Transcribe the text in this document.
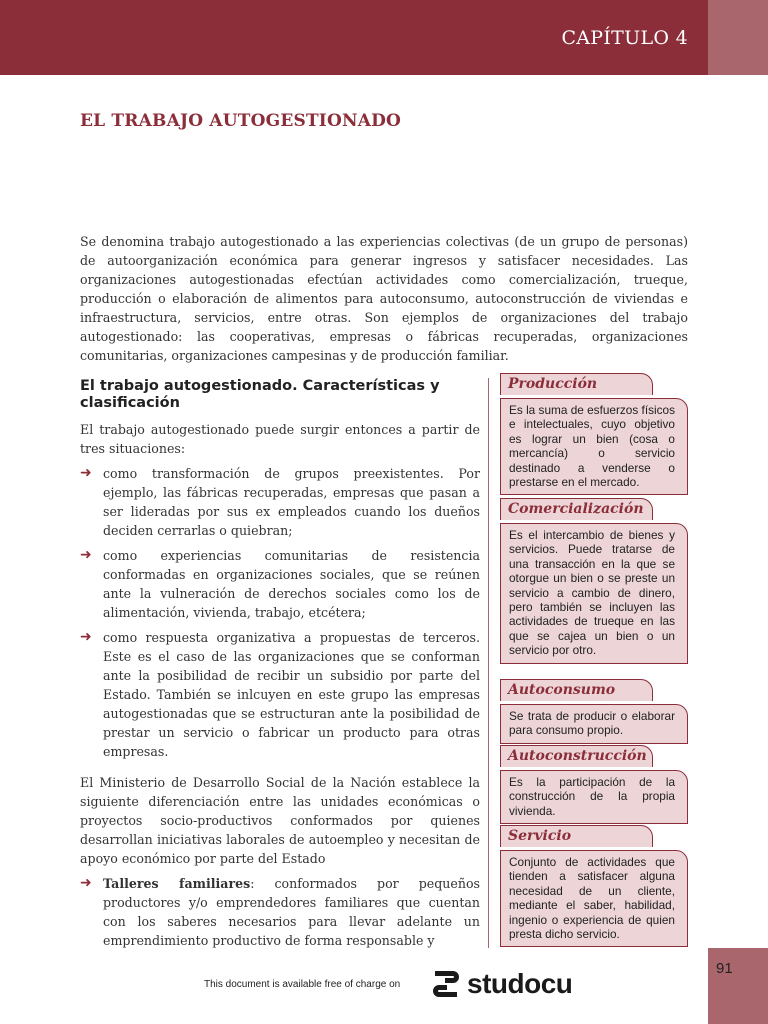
CAPÍTULO 4
EL TRABAJO AUTOGESTIONADO

Se denomina trabajo autogestionado a las experiencias colectivas (de un grupo de personas) de autoorganización económica para generar ingresos y satisfacer necesidades. Las organizaciones autogestionadas efectúan actividades como comercialización, trueque, producción o elaboración de alimentos para autoconsumo, autoconstrucción de viviendas e infraestructura, servicios, entre otras. Son ejemplos de organizaciones del trabajo autogestionado: las cooperativas, empresas o fábricas recuperadas, organizaciones comunitarias, organizaciones campesinas y de producción familiar.

El trabajo autogestionado. Características y clasificación

El trabajo autogestionado puede surgir entonces a partir de tres situaciones:

➜ como transformación de grupos preexistentes. Por ejemplo, las fábricas recuperadas, empresas que pasan a ser lideradas por sus ex empleados cuando los dueños deciden cerrarlas o quiebran;
➜ como experiencias comunitarias de resistencia conformadas en organizaciones sociales, que se reúnen ante la vulneración de derechos sociales como los de alimentación, vivienda, trabajo, etcétera;
➜ como respuesta organizativa a propuestas de terceros. Este es el caso de las organizaciones que se conforman ante la posibilidad de recibir un subsidio por parte del Estado. También se inlcuyen en este grupo las empresas autogestionadas que se estructuran ante la posibilidad de prestar un servicio o fabricar un producto para otras empresas.

El Ministerio de Desarrollo Social de la Nación establece la siguiente diferenciación entre las unidades económicas o proyectos socio-productivos conformados por quienes desarrollan iniciativas laborales de autoempleo y necesitan de apoyo económico por parte del Estado

➜ Talleres familiares: conformados por pequeños productores y/o emprendedores familiares que cuentan con los saberes necesarios para llevar adelante un emprendimiento productivo de forma responsable y
Producción
Es la suma de esfuerzos físicos e intelectuales, cuyo objetivo es lograr un bien (cosa o mercancía) o servicio destinado a venderse o prestarse en el mercado.
Comercialización
Es el intercambio de bienes y servicios. Puede tratarse de una transacción en la que se otorgue un bien o se preste un servicio a cambio de dinero, pero también se incluyen las actividades de trueque en las que se cajea un bien o un servicio por otro.
Autoconsumo
Se trata de producir o elaborar para consumo propio.
Autoconstrucción
Es la participación de la construcción de la propia vivienda.
Servicio
Conjunto de actividades que tienden a satisfacer alguna necesidad de un cliente, mediante el saber, habilidad, ingenio o experiencia de quien presta dicho servicio.
91
This document is available free of charge on studocu
